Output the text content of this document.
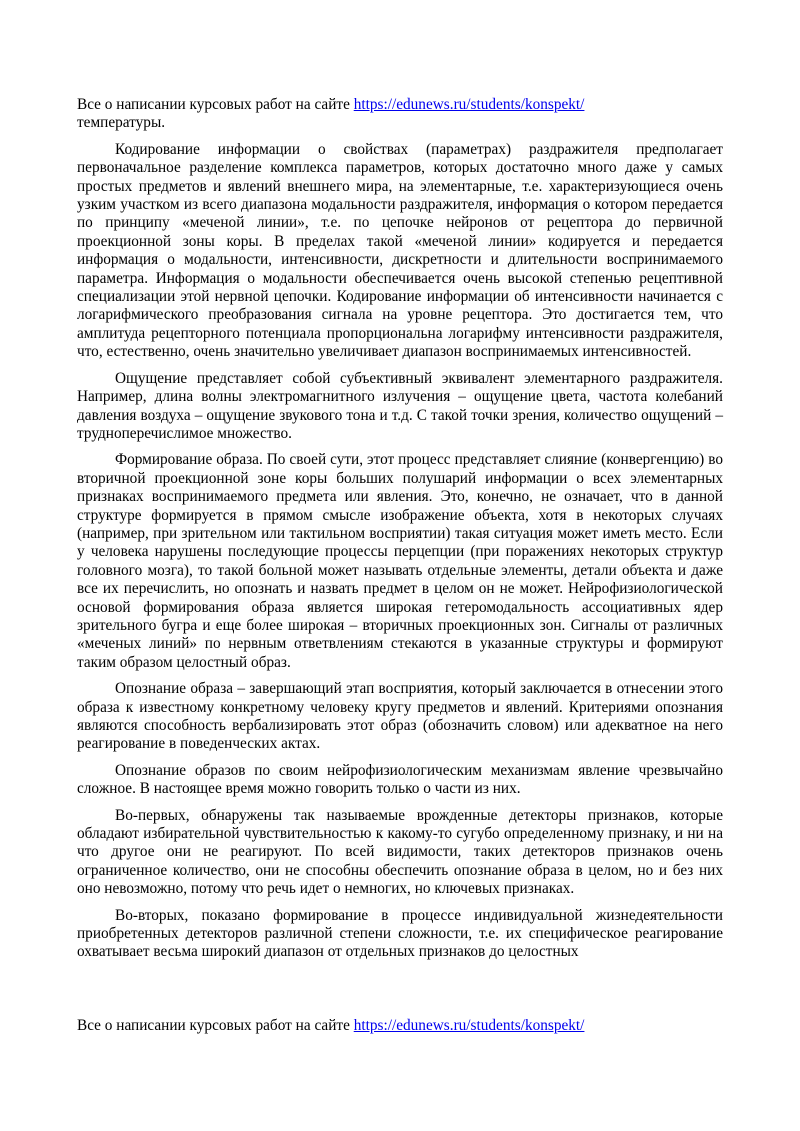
Все о написании курсовых работ на сайте https://edunews.ru/students/konspekt/

температуры.

Кодирование информации о свойствах (параметрах) раздражителя предполагает первоначальное разделение комплекса параметров, которых достаточно много даже у самых простых предметов и явлений внешнего мира, на элементарные, т.е. характеризующиеся очень узким участком из всего диапазона модальности раздражителя, информация о котором передается по принципу «меченой линии», т.е. по цепочке нейронов от рецептора до первичной проекционной зоны коры. В пределах такой «меченой линии» кодируется и передается информация о модальности, интенсивности, дискретности и длительности воспринимаемого параметра. Информация о модальности обеспечивается очень высокой степенью рецептивной специализации этой нервной цепочки. Кодирование информации об интенсивности начинается с логарифмического преобразования сигнала на уровне рецептора. Это достигается тем, что амплитуда рецепторного потенциала пропорциональна логарифму интенсивности раздражителя, что, естественно, очень значительно увеличивает диапазон воспринимаемых интенсивностей.

Ощущение представляет собой субъективный эквивалент элементарного раздражителя. Например, длина волны электромагнитного излучения – ощущение цвета, частота колебаний давления воздуха – ощущение звукового тона и т.д. С такой точки зрения, количество ощущений – трудноперечислимое множество.

Формирование образа. По своей сути, этот процесс представляет слияние (конвергенцию) во вторичной проекционной зоне коры больших полушарий информации о всех элементарных признаках воспринимаемого предмета или явления. Это, конечно, не означает, что в данной структуре формируется в прямом смысле изображение объекта, хотя в некоторых случаях (например, при зрительном или тактильном восприятии) такая ситуация может иметь место. Если у человека нарушены последующие процессы перцепции (при поражениях некоторых структур головного мозга), то такой больной может называть отдельные элементы, детали объекта и даже все их перечислить, но опознать и назвать предмет в целом он не может. Нейрофизиологической основой формирования образа является широкая гетеромодальность ассоциативных ядер зрительного бугра и еще более широкая – вторичных проекционных зон. Сигналы от различных «меченых линий» по нервным ответвлениям стекаются в указанные структуры и формируют таким образом целостный образ.

Опознание образа – завершающий этап восприятия, который заключается в отнесении этого образа к известному конкретному человеку кругу предметов и явлений. Критериями опознания являются способность вербализировать этот образ (обозначить словом) или адекватное на него реагирование в поведенческих актах.

Опознание образов по своим нейрофизиологическим механизмам явление чрезвычайно сложное. В настоящее время можно говорить только о части из них.

Во-первых, обнаружены так называемые врожденные детекторы признаков, которые обладают избирательной чувствительностью к какому-то сугубо определенному признаку, и ни на что другое они не реагируют. По всей видимости, таких детекторов признаков очень ограниченное количество, они не способны обеспечить опознание образа в целом, но и без них оно невозможно, потому что речь идет о немногих, но ключевых признаках.

Во-вторых, показано формирование в процессе индивидуальной жизнедеятельности приобретенных детекторов различной степени сложности, т.е. их специфическое реагирование охватывает весьма широкий диапазон от отдельных признаков до целостных

Все о написании курсовых работ на сайте https://edunews.ru/students/konspekt/
